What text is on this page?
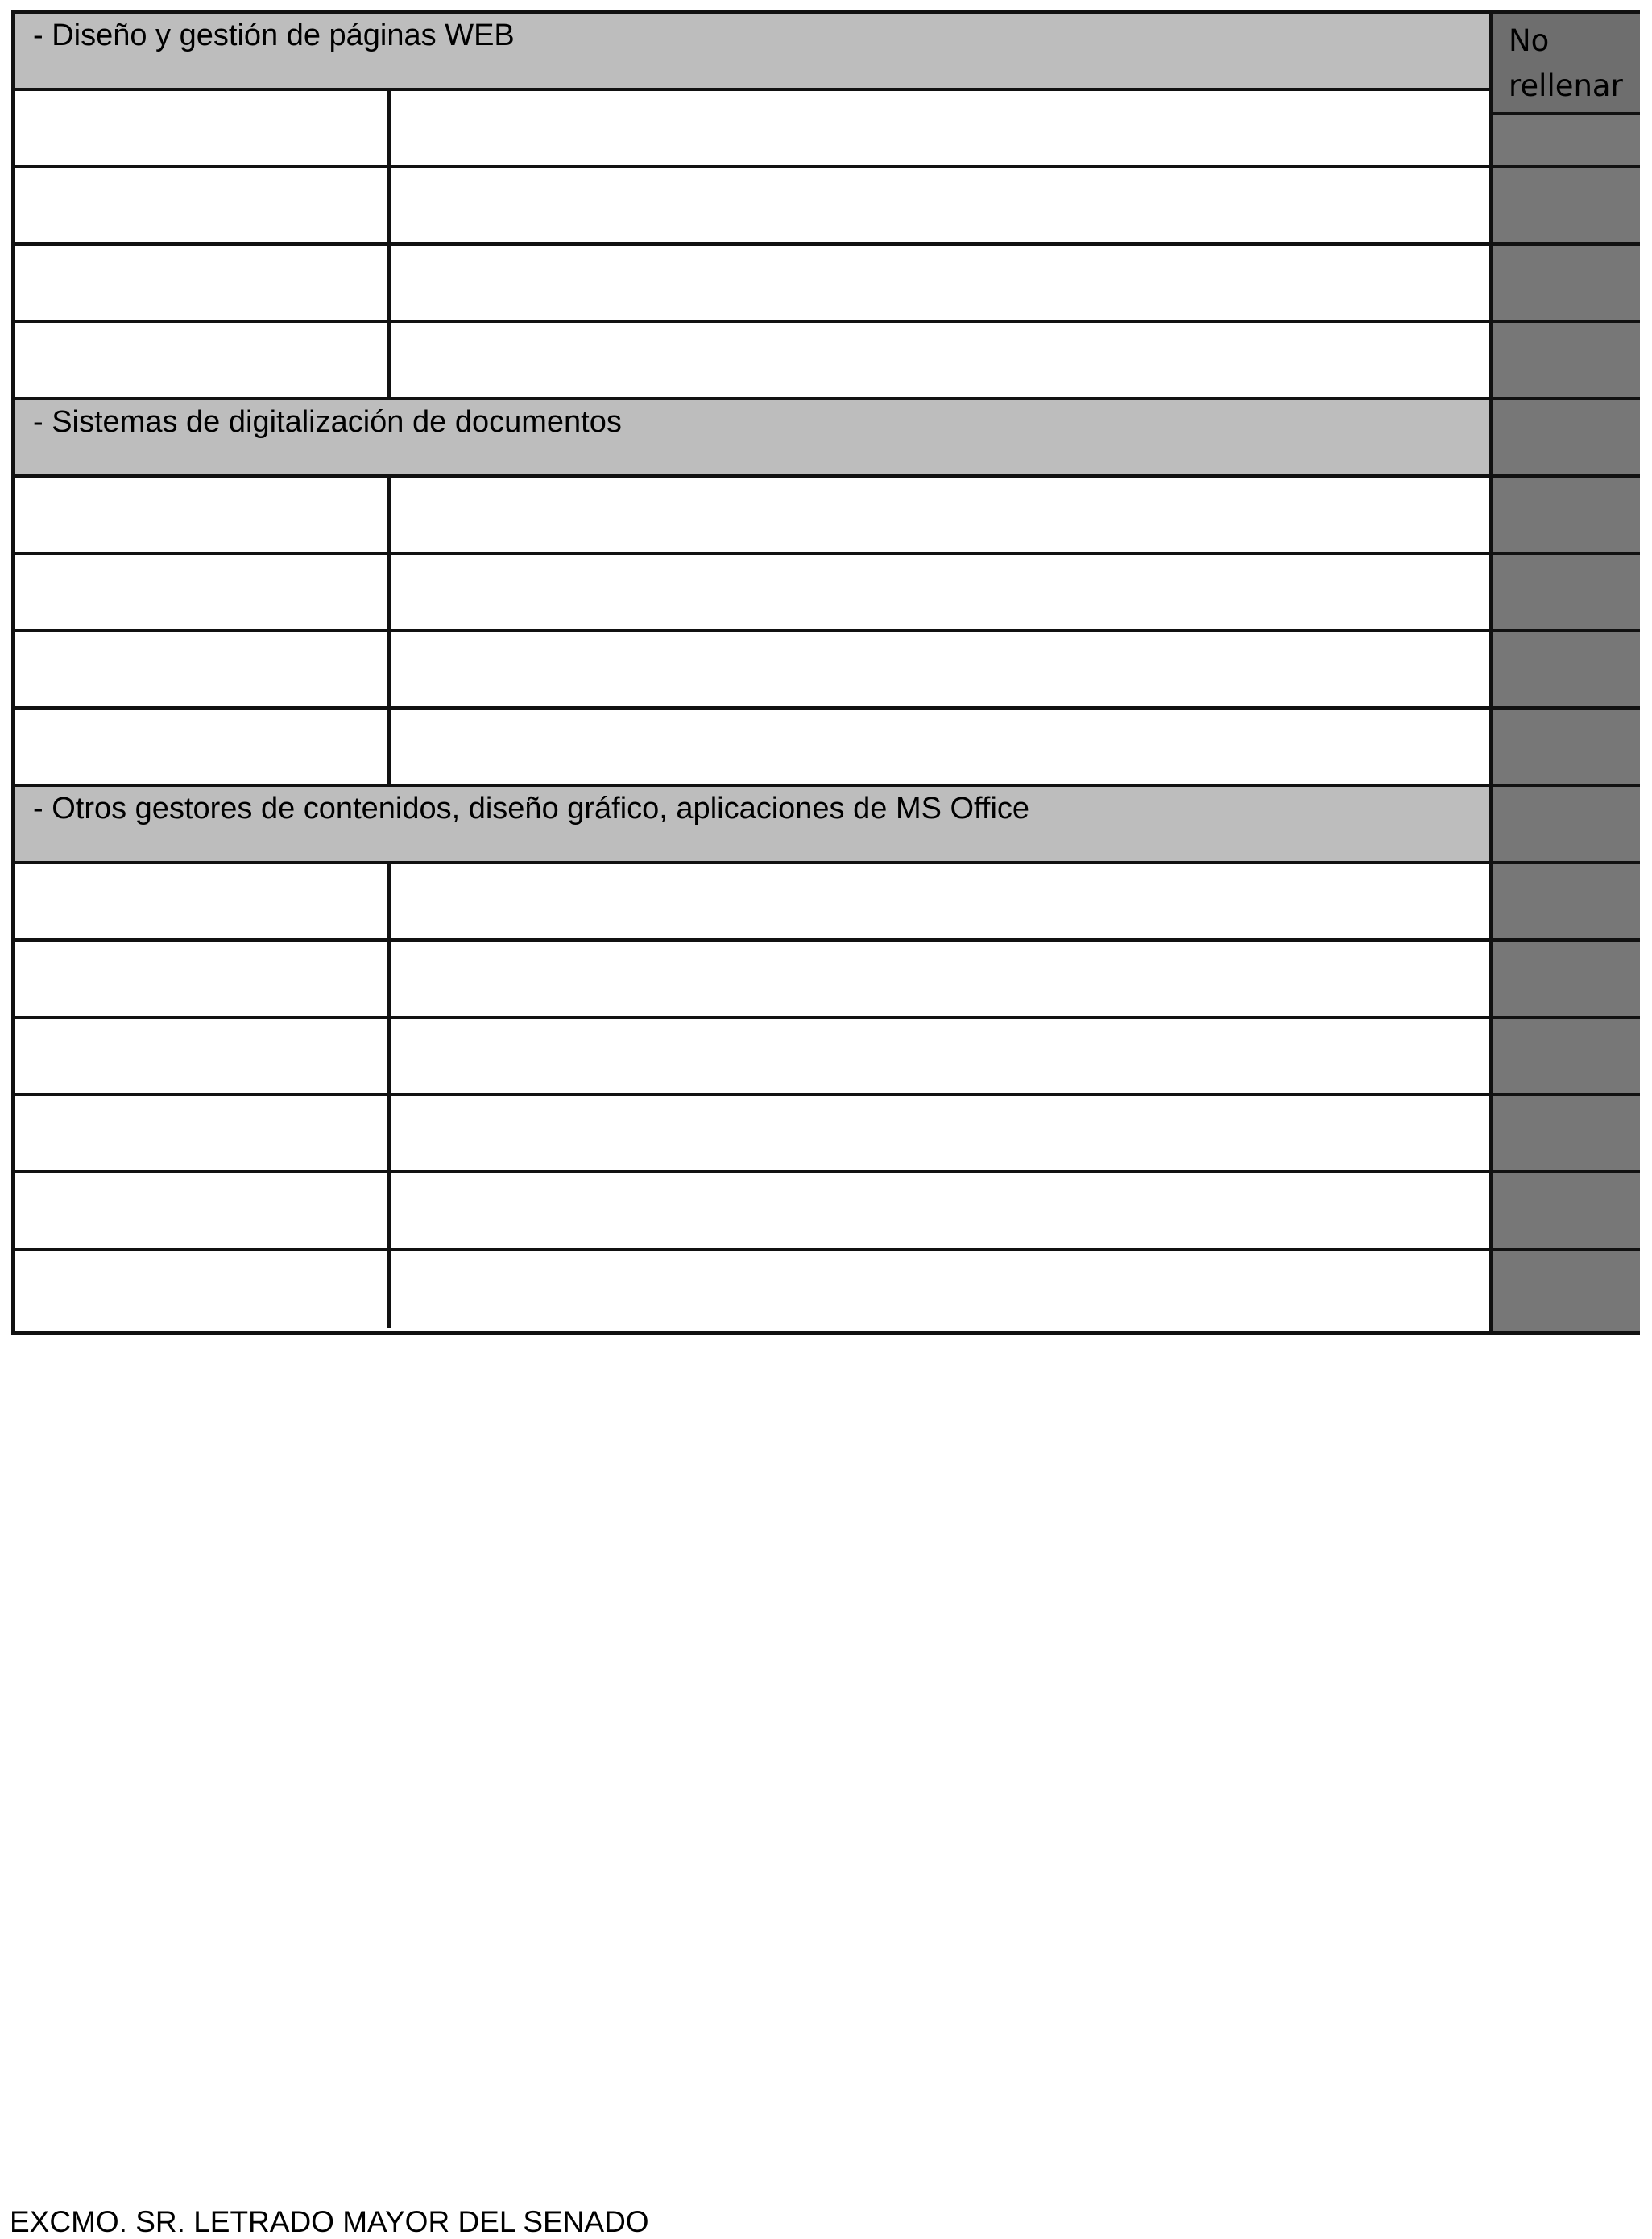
- Diseño y gestión de páginas WEB
- Sistemas de digitalización de documentos
- Otros gestores de contenidos, diseño gráfico, aplicaciones de MS Office
No rellenar
EXCMO. SR. LETRADO MAYOR DEL SENADO
